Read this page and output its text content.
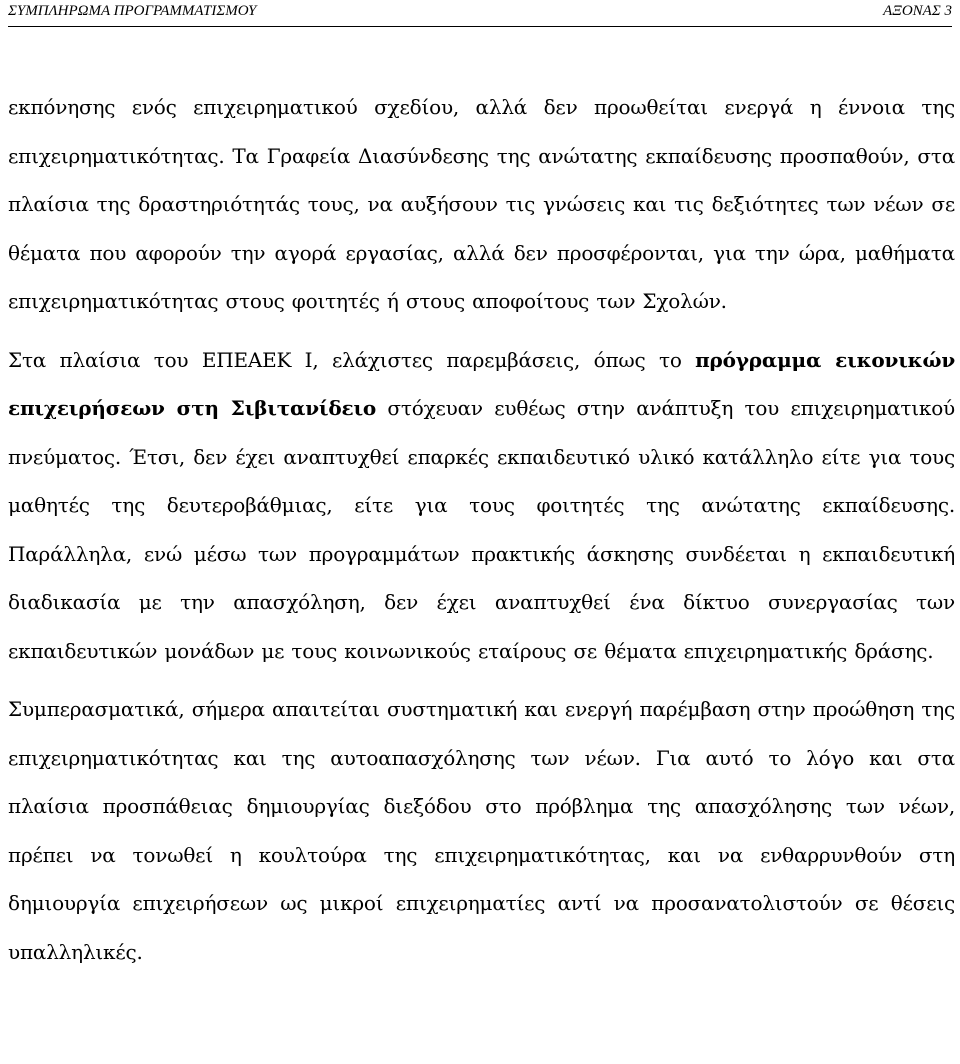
ΣΥΜΠΛΗΡΩΜΑ ΠΡΟΓΡΑΜΜΑΤΙΣΜΟΥ	ΑΞΟΝΑΣ 3

εκπόνησης ενός επιχειρηματικού σχεδίου, αλλά δεν προωθείται ενεργά η έννοια της επιχειρηματικότητας. Τα Γραφεία Διασύνδεσης της ανώτατης εκπαίδευσης προσπαθούν, στα πλαίσια της δραστηριότητάς τους, να αυξήσουν τις γνώσεις και τις δεξιότητες των νέων σε θέματα που αφορούν την αγορά εργασίας, αλλά δεν προσφέρονται, για την ώρα, μαθήματα επιχειρηματικότητας στους φοιτητές ή στους αποφοίτους των Σχολών.

Στα πλαίσια του ΕΠΕΑΕΚ Ι, ελάχιστες παρεμβάσεις, όπως το πρόγραμμα εικονικών επιχειρήσεων στη Σιβιτανίδειο στόχευαν ευθέως στην ανάπτυξη του επιχειρηματικού πνεύματος. Έτσι, δεν έχει αναπτυχθεί επαρκές εκπαιδευτικό υλικό κατάλληλο είτε για τους μαθητές της δευτεροβάθμιας, είτε για τους φοιτητές της ανώτατης εκπαίδευσης. Παράλληλα, ενώ μέσω των προγραμμάτων πρακτικής άσκησης συνδέεται η εκπαιδευτική διαδικασία με την απασχόληση, δεν έχει αναπτυχθεί ένα δίκτυο συνεργασίας των εκπαιδευτικών μονάδων με τους κοινωνικούς εταίρους σε θέματα επιχειρηματικής δράσης.

Συμπερασματικά, σήμερα απαιτείται συστηματική και ενεργή παρέμβαση στην προώθηση της επιχειρηματικότητας και της αυτοαπασχόλησης των νέων. Για αυτό το λόγο και στα πλαίσια προσπάθειας δημιουργίας διεξόδου στο πρόβλημα της απασχόλησης των νέων, πρέπει να τονωθεί η κουλτούρα της επιχειρηματικότητας, και να ενθαρρυνθούν στη δημιουργία επιχειρήσεων ως μικροί επιχειρηματίες αντί να προσανατολιστούν σε θέσεις υπαλληλικές.
